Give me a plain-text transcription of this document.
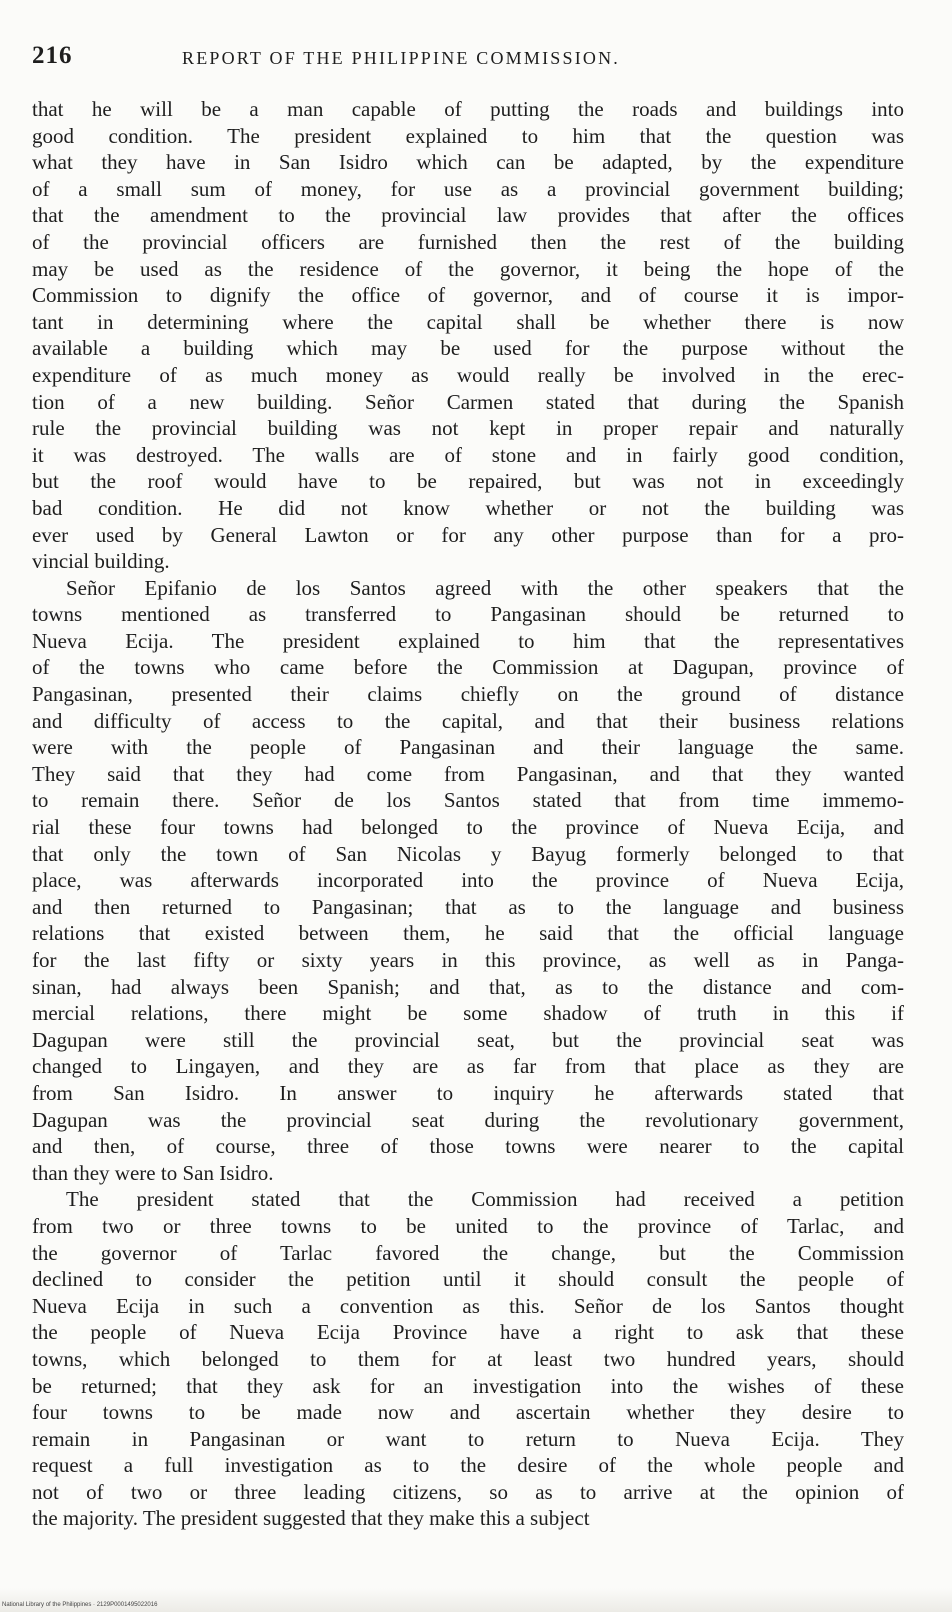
216	REPORT OF THE PHILIPPINE COMMISSION.
that he will be a man capable of putting the roads and buildings into
good condition. The president explained to him that the question was
what they have in San Isidro which can be adapted, by the expenditure
of a small sum of money, for use as a provincial government building;
that the amendment to the provincial law provides that after the offices
of the provincial officers are furnished then the rest of the building
may be used as the residence of the governor, it being the hope of the
Commission to dignify the office of governor, and of course it is impor-
tant in determining where the capital shall be whether there is now
available a building which may be used for the purpose without the
expenditure of as much money as would really be involved in the erec-
tion of a new building. Señor Carmen stated that during the Spanish
rule the provincial building was not kept in proper repair and naturally
it was destroyed. The walls are of stone and in fairly good condition,
but the roof would have to be repaired, but was not in exceedingly
bad condition. He did not know whether or not the building was
ever used by General Lawton or for any other purpose than for a pro-
vincial building.
Señor Epifanio de los Santos agreed with the other speakers that the
towns mentioned as transferred to Pangasinan should be returned to
Nueva Ecija. The president explained to him that the representatives
of the towns who came before the Commission at Dagupan, province of
Pangasinan, presented their claims chiefly on the ground of distance
and difficulty of access to the capital, and that their business relations
were with the people of Pangasinan and their language the same.
They said that they had come from Pangasinan, and that they wanted
to remain there. Señor de los Santos stated that from time immemo-
rial these four towns had belonged to the province of Nueva Ecija, and
that only the town of San Nicolas y Bayug formerly belonged to that
place, was afterwards incorporated into the province of Nueva Ecija,
and then returned to Pangasinan; that as to the language and business
relations that existed between them, he said that the official language
for the last fifty or sixty years in this province, as well as in Panga-
sinan, had always been Spanish; and that, as to the distance and com-
mercial relations, there might be some shadow of truth in this if
Dagupan were still the provincial seat, but the provincial seat was
changed to Lingayen, and they are as far from that place as they are
from San Isidro. In answer to inquiry he afterwards stated that
Dagupan was the provincial seat during the revolutionary government,
and then, of course, three of those towns were nearer to the capital
than they were to San Isidro.
The president stated that the Commission had received a petition
from two or three towns to be united to the province of Tarlac, and
the governor of Tarlac favored the change, but the Commission
declined to consider the petition until it should consult the people of
Nueva Ecija in such a convention as this. Señor de los Santos thought
the people of Nueva Ecija Province have a right to ask that these
towns, which belonged to them for at least two hundred years, should
be returned; that they ask for an investigation into the wishes of these
four towns to be made now and ascertain whether they desire to
remain in Pangasinan or want to return to Nueva Ecija. They
request a full investigation as to the desire of the whole people and
not of two or three leading citizens, so as to arrive at the opinion of
the majority. The president suggested that they make this a subject
National Library of the Philippines · 2129P0001495022016
